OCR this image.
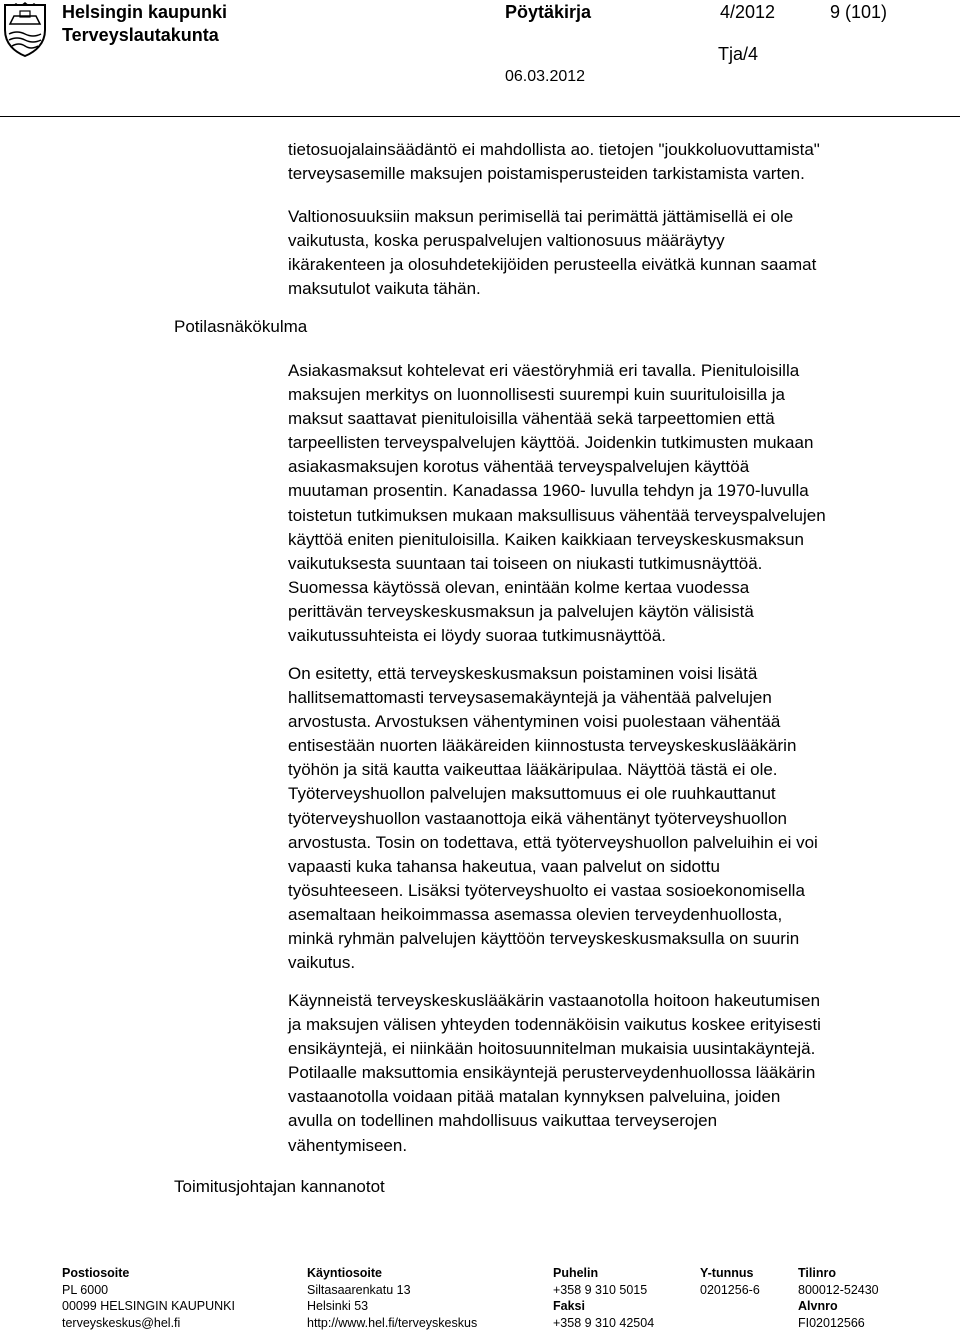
Helsingin kaupunki
Terveyslautakunta
Pöytäkirja	4/2012	9 (101)
Tja/4
06.03.2012
Potilasnäkökulma
Toimitusjohtajan kannanotot
tietosuojalainsäädäntö ei mahdollista ao. tietojen "joukkoluovuttamista"
terveysasemille maksujen poistamisperusteiden tarkistamista varten.
Valtionosuuksiin maksun perimisellä tai perimättä jättämisellä ei ole
vaikutusta, koska peruspalvelujen valtionosuus määräytyy
ikärakenteen ja olosuhdetekijöiden perusteella eivätkä kunnan saamat
maksutulot vaikuta tähän.
Asiakasmaksut kohtelevat eri väestöryhmiä eri tavalla. Pienituloisilla
maksujen merkitys on luonnollisesti suurempi kuin suurituloisilla ja
maksut saattavat pienituloisilla vähentää sekä tarpeettomien että
tarpeellisten terveyspalvelujen käyttöä. Joidenkin tutkimusten mukaan
asiakasmaksujen korotus vähentää terveyspalvelujen käyttöä
muutaman prosentin. Kanadassa 1960- luvulla tehdyn ja 1970-luvulla
toistetun tutkimuksen mukaan maksullisuus vähentää terveyspalvelujen
käyttöä eniten pienituloisilla. Kaiken kaikkiaan terveyskeskusmaksun
vaikutuksesta suuntaan tai toiseen on niukasti tutkimusnäyttöä.
Suomessa käytössä olevan, enintään kolme kertaa vuodessa
perittävän terveyskeskusmaksun ja palvelujen käytön välisistä
vaikutussuhteista ei löydy suoraa tutkimusnäyttöä.
On esitetty, että terveyskeskusmaksun poistaminen voisi lisätä
hallitsemattomasti terveysasemakäyntejä ja vähentää palvelujen
arvostusta. Arvostuksen vähentyminen voisi puolestaan vähentää
entisestään nuorten lääkäreiden kiinnostusta terveyskeskuslääkärin
työhön ja sitä kautta vaikeuttaa lääkäripulaa. Näyttöä tästä ei ole.
Työterveyshuollon palvelujen maksuttomuus ei ole ruuhkauttanut
työterveyshuollon vastaanottoja eikä vähentänyt työterveyshuollon
arvostusta. Tosin on todettava, että työterveyshuollon palveluihin ei voi
vapaasti kuka tahansa hakeutua, vaan palvelut on sidottu
työsuhteeseen. Lisäksi työterveyshuolto ei vastaa sosioekonomisella
asemaltaan heikoimmassa asemassa olevien terveydenhuollosta,
minkä ryhmän palvelujen käyttöön terveyskeskusmaksulla on suurin
vaikutus.
Käynneistä terveyskeskuslääkärin vastaanotolla hoitoon hakeutumisen
ja maksujen välisen yhteyden todennäköisin vaikutus koskee erityisesti
ensikäyntejä, ei niinkään hoitosuunnitelman mukaisia uusintakäyntejä.
Potilaalle maksuttomia ensikäyntejä perusterveydenhuollossa lääkärin
vastaanotolla voidaan pitää matalan kynnyksen palveluina, joiden
avulla on todellinen mahdollisuus vaikuttaa terveyserojen
vähentymiseen.
Postiosoite
PL 6000
00099 HELSINGIN KAUPUNKI
terveyskeskus@hel.fi
Käyntiosoite
Siltasaarenkatu 13
Helsinki 53
http://www.hel.fi/terveyskeskus
Puhelin
+358 9 310 5015
Faksi
+358 9 310 42504
Y-tunnus
0201256-6
Tilinro
800012-52430
Alvnro
FI02012566
